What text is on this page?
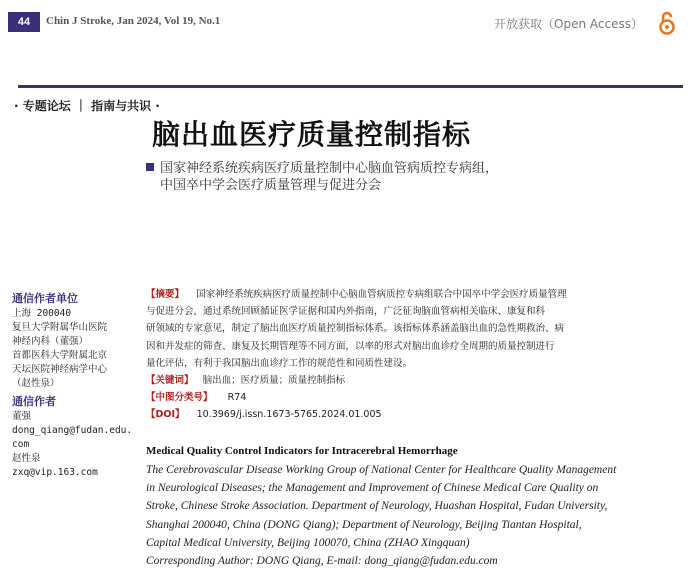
44	Chin J Stroke, Jan 2024, Vol 19, No.1	开放获取（Open Access）
· 专题论坛 ｜ 指南与共识 ·
脑出血医疗质量控制指标
国家神经系统疾病医疗质量控制中心脑血管病质控专病组，
中国卒中学会医疗质量管理与促进分会
通信作者单位
上海 200040
复旦大学附属华山医院
神经内科（董强）
首都医科大学附属北京
天坛医院神经病学中心
（赵性泉）
通信作者
董强
dong_qiang@fudan.edu.
com
赵性泉
zxq@vip.163.com
【摘要】 国家神经系统疾病医疗质量控制中心脑血管病质控专病组联合中国卒中学会医疗质量管理
与促进分会，通过系统回顾循证医学证据和国内外指南，广泛征询脑血管病相关临床、康复和科
研领域的专家意见，制定了脑出血医疗质量控制指标体系。该指标体系涵盖脑出血的急性期救治、病
因和并发症的筛查、康复及长期管理等不同方面，以率的形式对脑出血诊疗全周期的质量控制进行
量化评估，有利于我国脑出血诊疗工作的规范性和同质性建设。
【关键词】 脑出血；医疗质量；质量控制指标
【中图分类号】 R74
【DOI】 10.3969/j.issn.1673-5765.2024.01.005
Medical Quality Control Indicators for Intracerebral Hemorrhage
The Cerebrovascular Disease Working Group of National Center for Healthcare Quality Management
in Neurological Diseases; the Management and Improvement of Chinese Medical Care Quality on
Stroke, Chinese Stroke Association. Department of Neurology, Huashan Hospital, Fudan University,
Shanghai 200040, China (DONG Qiang); Department of Neurology, Beijing Tiantan Hospital,
Capital Medical University, Beijing 100070, China (ZHAO Xingquan)
Corresponding Author: DONG Qiang, E-mail: dong_qiang@fudan.edu.com
